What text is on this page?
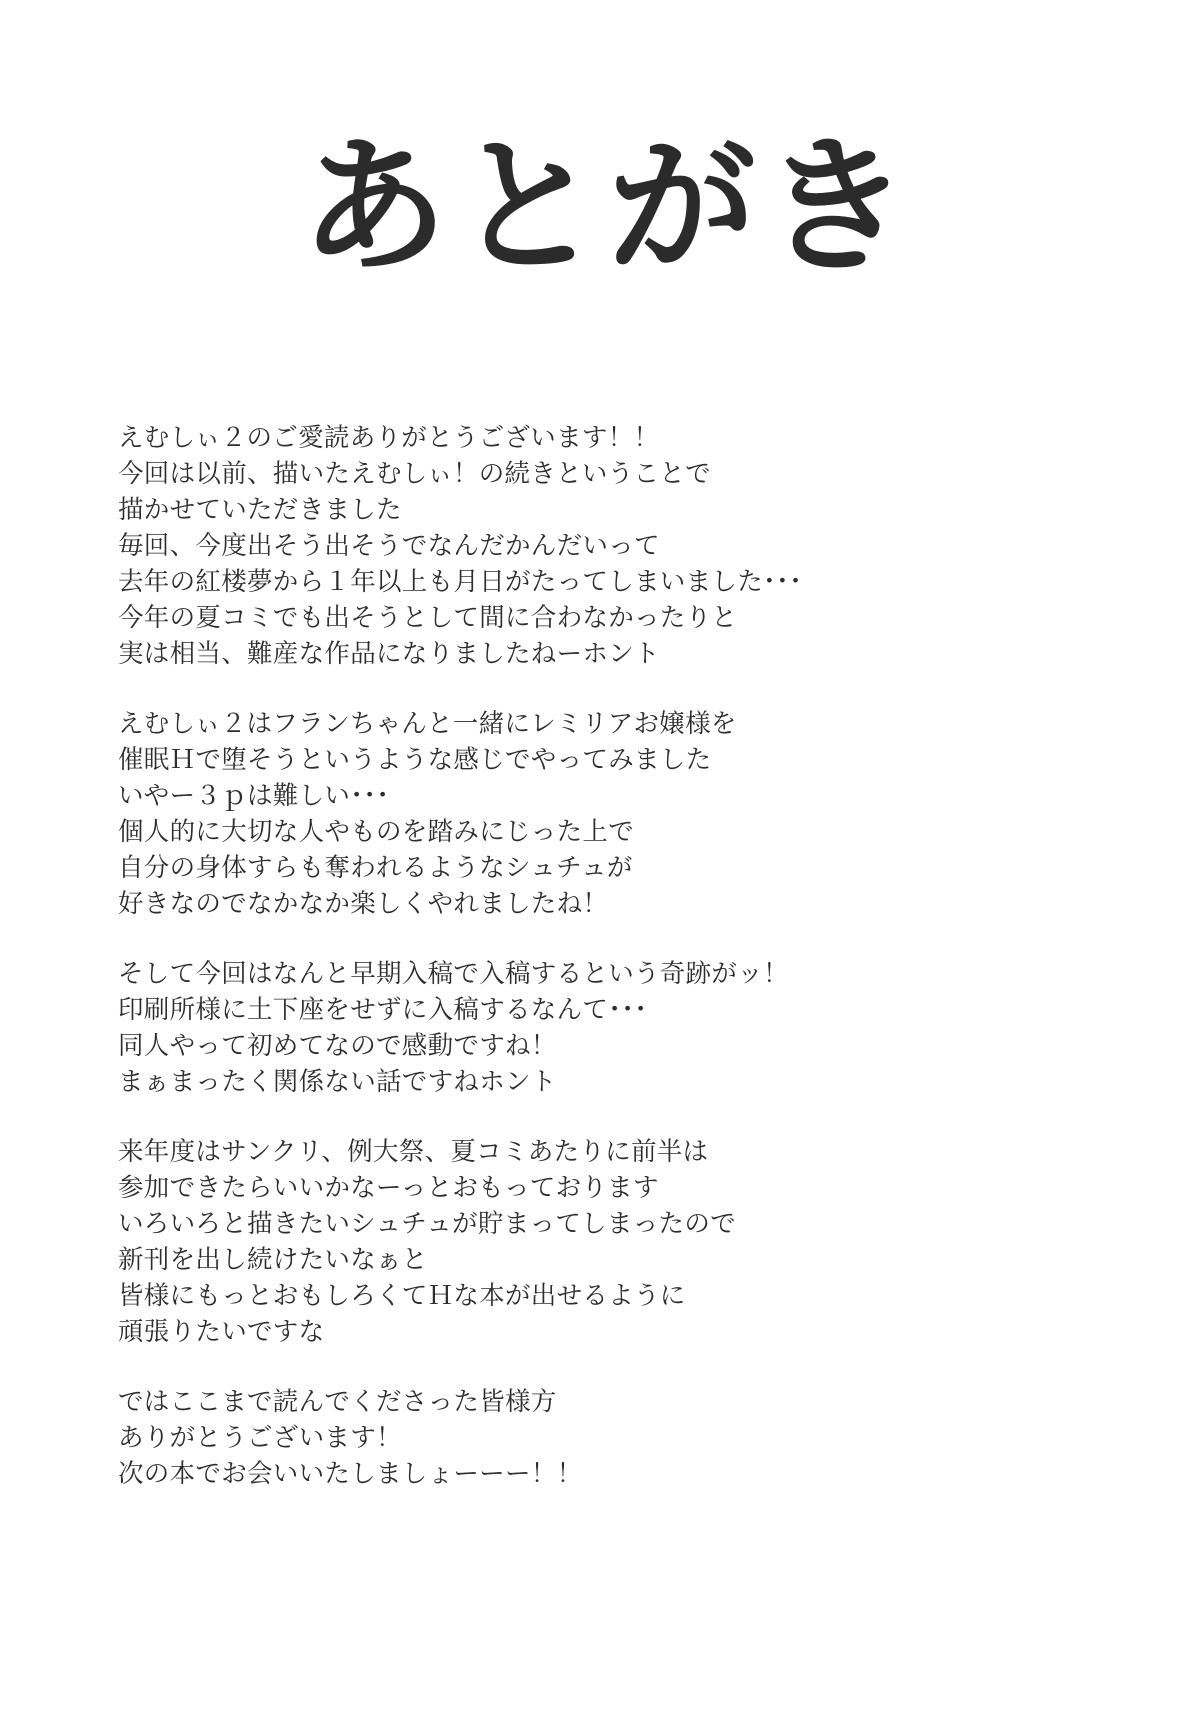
あとがき
えむしぃ２のご愛読ありがとうございます！！
今回は以前、描いたえむしぃ！の続きということで
描かせていただきました
毎回、今度出そう出そうでなんだかんだいって
去年の紅楼夢から１年以上も月日がたってしまいました･･･
今年の夏コミでも出そうとして間に合わなかったりと
実は相当、難産な作品になりましたねーホント
えむしぃ２はフランちゃんと一緒にレミリアお嬢様を
催眠Ｈで堕そうというような感じでやってみました
いやー３ｐは難しい･･･
個人的に大切な人やものを踏みにじった上で
自分の身体すらも奪われるようなシュチュが
好きなのでなかなか楽しくやれましたね！
そして今回はなんと早期入稿で入稿するという奇跡がッ！
印刷所様に土下座をせずに入稿するなんて･･･
同人やって初めてなので感動ですね！
まぁまったく関係ない話ですねホント
来年度はサンクリ、例大祭、夏コミあたりに前半は
参加できたらいいかなーっとおもっております
いろいろと描きたいシュチュが貯まってしまったので
新刊を出し続けたいなぁと
皆様にもっとおもしろくてＨな本が出せるように
頑張りたいですな
ではここまで読んでくださった皆様方
ありがとうございます！
次の本でお会いいたしましょーーー！！
